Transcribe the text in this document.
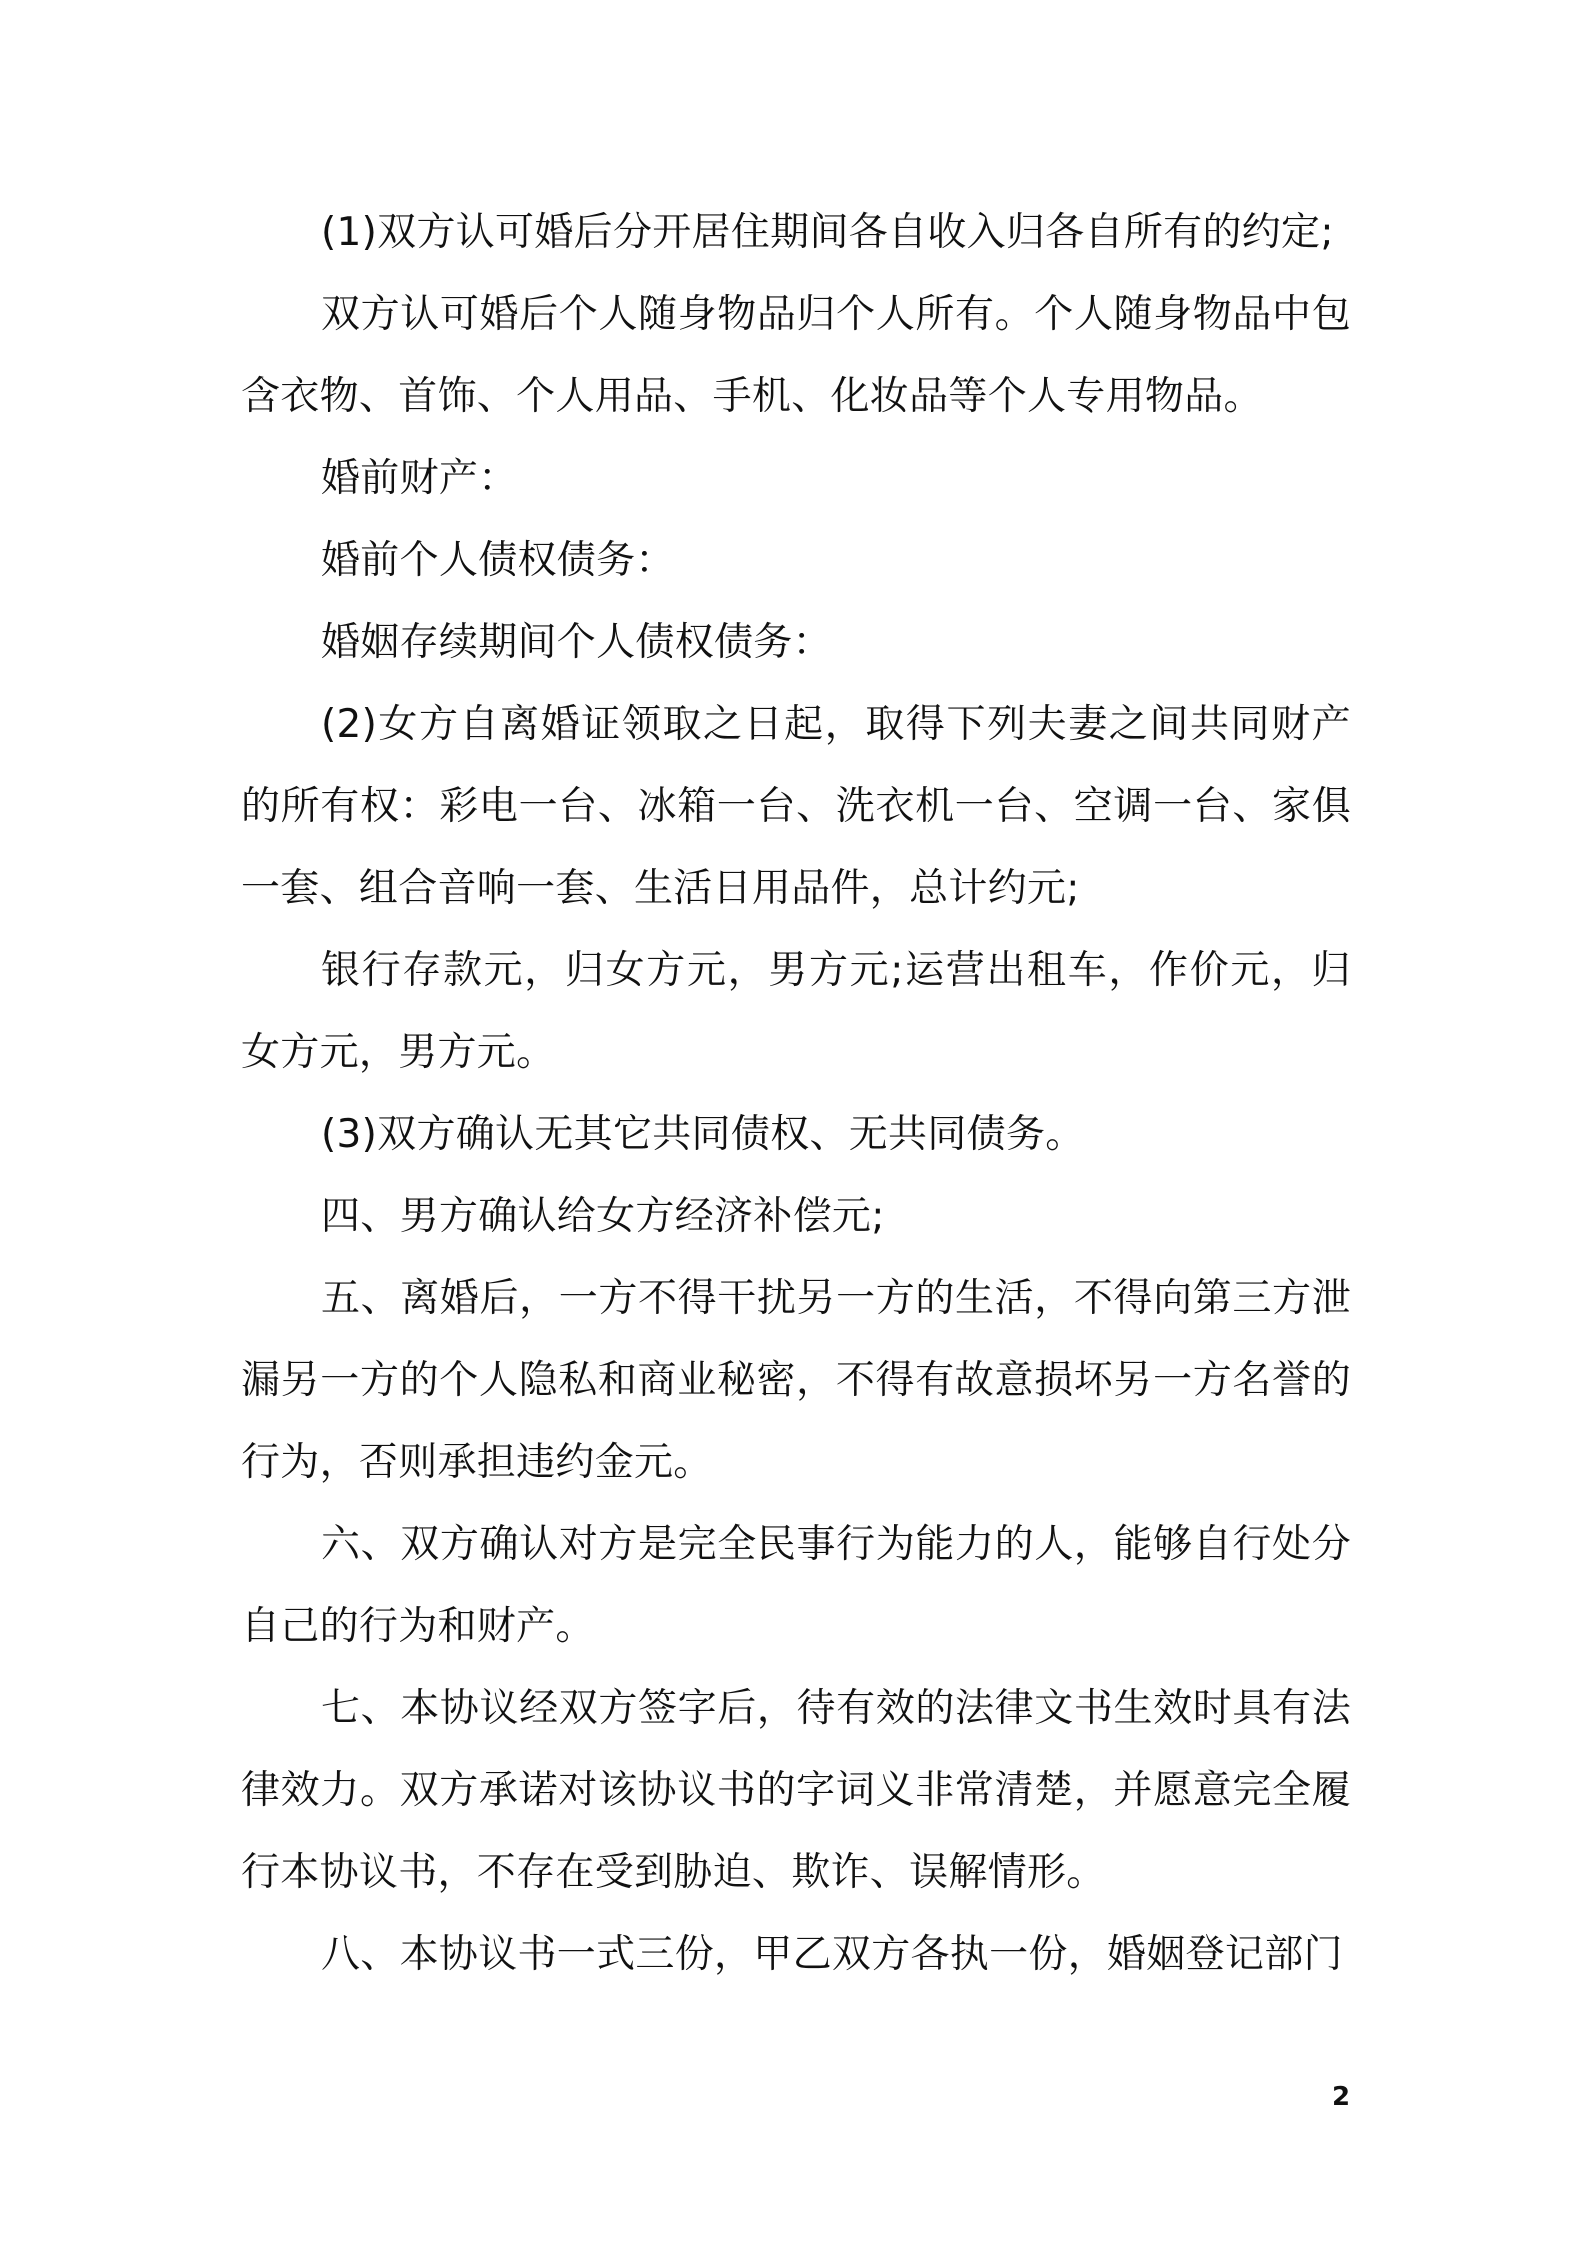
(1)双方认可婚后分开居住期间各自收入归各自所有的约定;

双方认可婚后个人随身物品归个人所有。个人随身物品中包含衣物、首饰、个人用品、手机、化妆品等个人专用物品。

婚前财产：

婚前个人债权债务：

婚姻存续期间个人债权债务：

(2)女方自离婚证领取之日起，取得下列夫妻之间共同财产的所有权：彩电一台、冰箱一台、洗衣机一台、空调一台、家俱一套、组合音响一套、生活日用品件，总计约元;

银行存款元，归女方元，男方元;运营出租车，作价元，归女方元，男方元。

(3)双方确认无其它共同债权、无共同债务。

四、男方确认给女方经济补偿元;

五、离婚后，一方不得干扰另一方的生活，不得向第三方泄漏另一方的个人隐私和商业秘密，不得有故意损坏另一方名誉的行为，否则承担违约金元。

六、双方确认对方是完全民事行为能力的人，能够自行处分自己的行为和财产。

七、本协议经双方签字后，待有效的法律文书生效时具有法律效力。双方承诺对该协议书的字词义非常清楚，并愿意完全履行本协议书，不存在受到胁迫、欺诈、误解情形。

八、本协议书一式三份，甲乙双方各执一份，婚姻登记部门

2
